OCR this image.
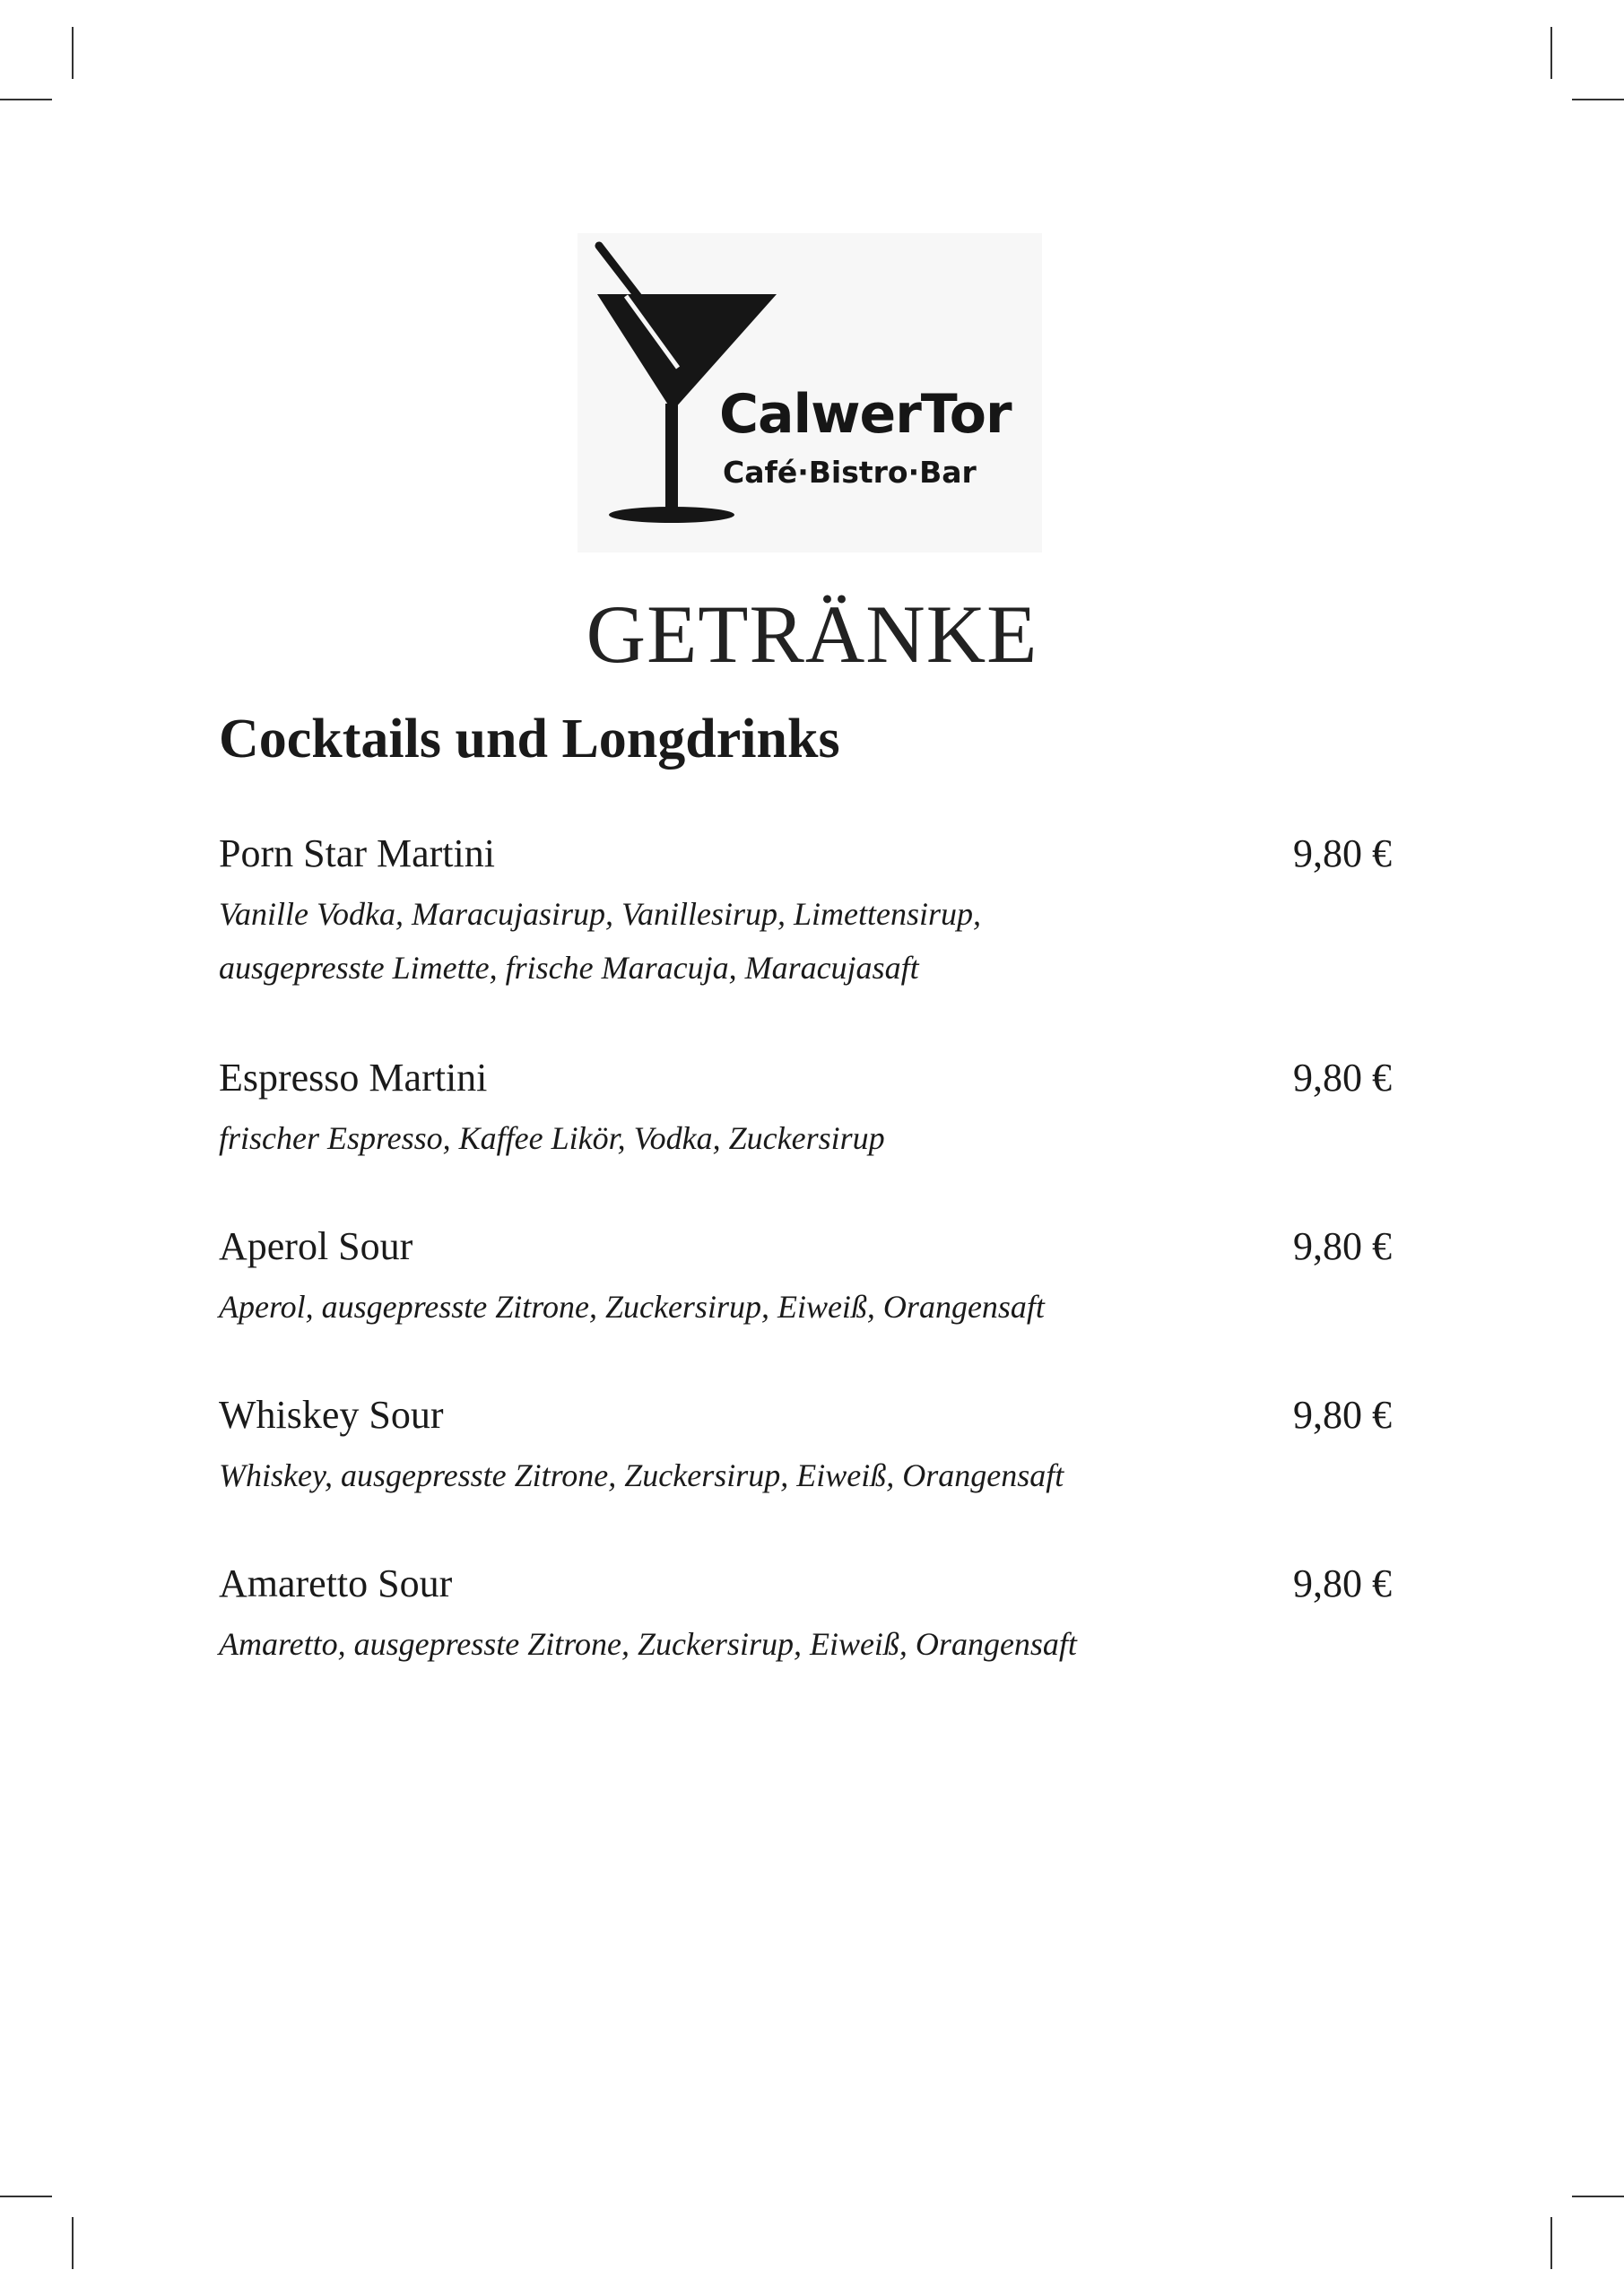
CalwerTor
Café·Bistro·Bar
GETRÄNKE
Cocktails und Longdrinks
Porn Star Martini	9,80 €
Vanille Vodka, Maracujasirup, Vanillesirup, Limettensirup,
ausgepresste Limette, frische Maracuja, Maracujasaft
Espresso Martini	9,80 €
frischer Espresso, Kaffee Likör, Vodka, Zuckersirup
Aperol Sour	9,80 €
Aperol, ausgepresste Zitrone, Zuckersirup, Eiweiß, Orangensaft
Whiskey Sour	9,80 €
Whiskey, ausgepresste Zitrone, Zuckersirup, Eiweiß, Orangensaft
Amaretto Sour	9,80 €
Amaretto, ausgepresste Zitrone, Zuckersirup, Eiweiß, Orangensaft
